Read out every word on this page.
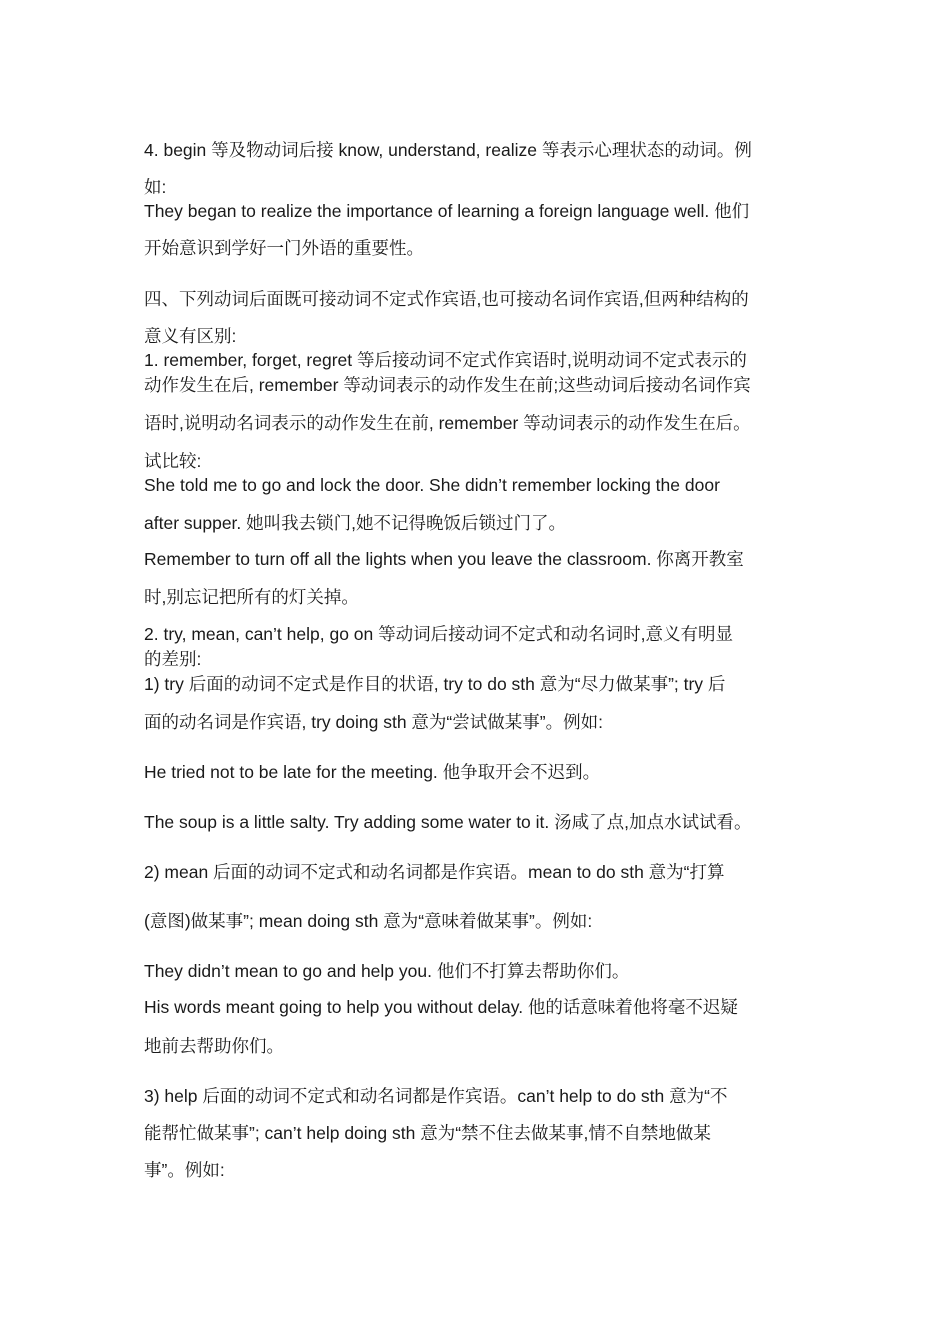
4. begin 等及物动词后接 know, understand, realize 等表示心理状态的动词。例
如:
They began to realize the importance of learning a foreign language well. 他们
开始意识到学好一门外语的重要性。
四、下列动词后面既可接动词不定式作宾语,也可接动名词作宾语,但两种结构的
意义有区别:
1. remember, forget, regret 等后接动词不定式作宾语时,说明动词不定式表示的
动作发生在后, remember 等动词表示的动作发生在前;这些动词后接动名词作宾
语时,说明动名词表示的动作发生在前, remember 等动词表示的动作发生在后。
试比较:
She told me to go and lock the door. She didn’t remember locking the door
after supper. 她叫我去锁门,她不记得晚饭后锁过门了。
Remember to turn off all the lights when you leave the classroom. 你离开教室
时,别忘记把所有的灯关掉。
2. try, mean, can’t help, go on 等动词后接动词不定式和动名词时,意义有明显
的差别:
1) try 后面的动词不定式是作目的状语, try to do sth 意为“尽力做某事”; try 后
面的动名词是作宾语, try doing sth 意为“尝试做某事”。例如:
He tried not to be late for the meeting. 他争取开会不迟到。
The soup is a little salty. Try adding some water to it. 汤咸了点,加点水试试看。
2) mean 后面的动词不定式和动名词都是作宾语。mean to do sth 意为“打算
(意图)做某事”; mean doing sth 意为“意味着做某事”。例如:
They didn’t mean to go and help you. 他们不打算去帮助你们。
His words meant going to help you without delay. 他的话意味着他将毫不迟疑
地前去帮助你们。
3) help 后面的动词不定式和动名词都是作宾语。can’t help to do sth 意为“不
能帮忙做某事”; can’t help doing sth 意为“禁不住去做某事,情不自禁地做某
事”。例如:
